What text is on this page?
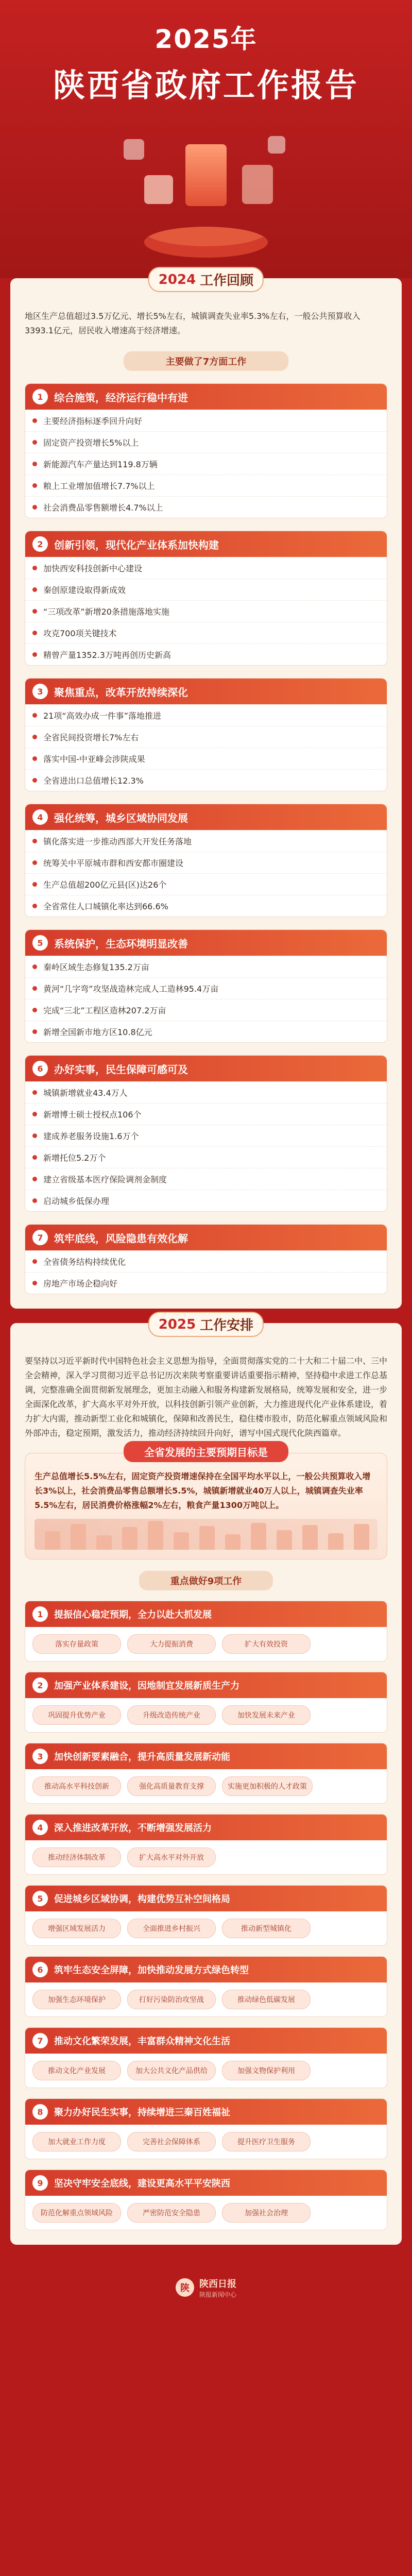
2025年
陕西省政府工作报告
2024 工作回顾
地区生产总值超过3.5万亿元、增长5%左右，城镇调查失业率5.3%左右，一般公共预算收入3393.1亿元，居民收入增速高于经济增速。
主要做了7方面工作
1	综合施策，经济运行稳中有进
主要经济指标逐季回升向好
固定资产投资增长5%以上
新能源汽车产量达到119.8万辆
粮上工业增加值增长7.7%以上
社会消费品零售额增长4.7%以上
2	创新引领，现代化产业体系加快构建
加快西安科技创新中心建设
秦创原建设取得新成效
“三项改革”新增20条措施落地实施
攻克700项关键技术
精曾产量1352.3万吨再创历史新高
3	聚焦重点，改革开放持续深化
21项“高效办成一件事”落地推进
全省民间投资增长7%左右
落实中国-中亚峰会涉陕成果
全省进出口总值增长12.3%
4	强化统筹，城乡区域协同发展
镇化落实进一步推动西部大开发任务落地
统筹关中平原城市群和西安都市圈建设
生产总值超200亿元县(区)达26个
全省常住人口城镇化率达到66.6%
5	系统保护，生态环境明显改善
秦岭区域生态修复135.2万亩
黄河“几字弯”攻坚战造林完成人工造林95.4万亩
完成“三北”工程区造林207.2万亩
新增全国新市地方区10.8亿元
6	办好实事，民生保障可感可及
城镇新增就业43.4万人
新增博士硕士授权点106个
建成养老服务设施1.6万个
新增托位5.2万个
建立省级基本医疗保险调剂金制度
启动城乡低保办理
7	筑牢底线，风险隐患有效化解
全省债务结构持续优化
房地产市场企稳向好
2025 工作安排
要坚持以习近平新时代中国特色社会主义思想为指导，全面贯彻落实党的二十大和二十届二中、三中全会精神，深入学习贯彻习近平总书记历次来陕考察重要讲话重要指示精神，坚持稳中求进工作总基调，完整准确全面贯彻新发展理念，更加主动融入和服务构建新发展格局，统筹发展和安全，进一步全面深化改革，扩大高水平对外开放，以科技创新引领产业创新，大力推进现代化产业体系建设，着力扩大内需，推动新型工业化和城镇化，保障和改善民生，稳住楼市股市，防范化解重点领域风险和外部冲击，稳定预期，激发活力，推动经济持续回升向好，谱写中国式现代化陕西篇章。
全省发展的主要预期目标是
生产总值增长5.5%左右，固定资产投资增速保持在全国平均水平以上，一般公共预算收入增长3%以上，社会消费品零售总额增长5.5%，城镇新增就业40万人以上，城镇调查失业率5.5%左右，居民消费价格涨幅2%左右，粮食产量1300万吨以上。
重点做好9项工作
1	提振信心稳定预期，全力以赴大抓发展
落实存量政策	大力提振消费	扩大有效投资
2	加强产业体系建设，因地制宜发展新质生产力
巩固提升优势产业	升级改造传统产业	加快发展未来产业
3	加快创新要素融合，提升高质量发展新动能
推动高水平科技创新	强化高质量教育支撑	实施更加积极的人才政策
4	深入推进改革开放，不断增强发展活力
推动经济体制改革	扩大高水平对外开放
5	促进城乡区域协调，构建优势互补空间格局
增强区域发展活力	全面推进乡村振兴	推动新型城镇化
6	筑牢生态安全屏障，加快推动发展方式绿色转型
加强生态环境保护	打好污染防治攻坚战	推动绿色低碳发展
7	推动文化繁荣发展，丰富群众精神文化生活
推动文化产业发展	加大公共文化产品供给	加强文物保护利用
8	聚力办好民生实事，持续增进三秦百姓福祉
加大就业工作力度	完善社会保障体系	提升医疗卫生服务
9	坚决守牢安全底线，建设更高水平平安陕西
防范化解重点领域风险	严密防范安全隐患	加强社会治理
陕	陕西日报
陕报新闻中心
